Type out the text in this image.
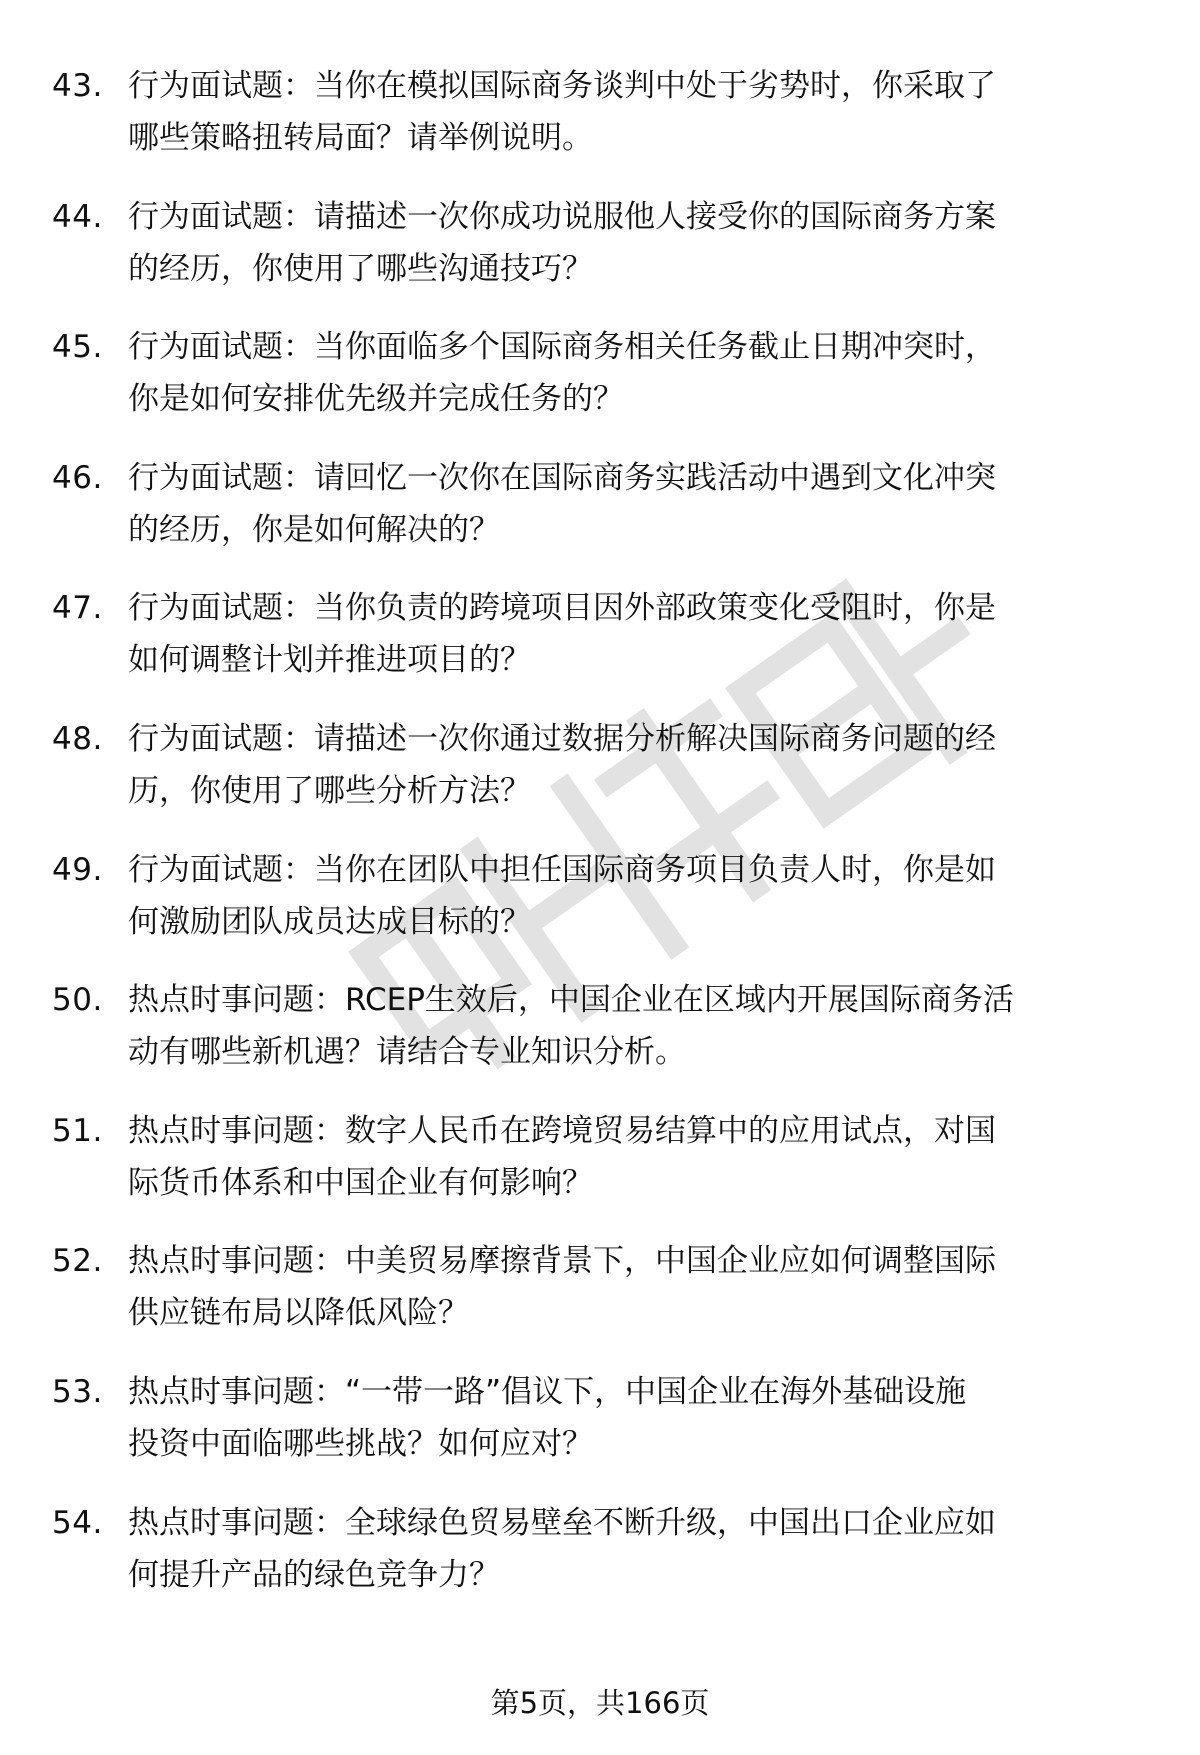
43. 行为面试题：当你在模拟国际商务谈判中处于劣势时，你采取了
哪些策略扭转局面？请举例说明。

44. 行为面试题：请描述一次你成功说服他人接受你的国际商务方案
的经历，你使用了哪些沟通技巧？

45. 行为面试题：当你面临多个国际商务相关任务截止日期冲突时，
你是如何安排优先级并完成任务的？

46. 行为面试题：请回忆一次你在国际商务实践活动中遇到文化冲突
的经历，你是如何解决的？

47. 行为面试题：当你负责的跨境项目因外部政策变化受阻时，你是
如何调整计划并推进项目的？

48. 行为面试题：请描述一次你通过数据分析解决国际商务问题的经
历，你使用了哪些分析方法？

49. 行为面试题：当你在团队中担任国际商务项目负责人时，你是如
何激励团队成员达成目标的？

50. 热点时事问题：RCEP生效后，中国企业在区域内开展国际商务活
动有哪些新机遇？请结合专业知识分析。

51. 热点时事问题：数字人民币在跨境贸易结算中的应用试点，对国
际货币体系和中国企业有何影响？

52. 热点时事问题：中美贸易摩擦背景下，中国企业应如何调整国际
供应链布局以降低风险？

53. 热点时事问题：“一带一路”倡议下，中国企业在海外基础设施
投资中面临哪些挑战？如何应对？

54. 热点时事问题：全球绿色贸易壁垒不断升级，中国出口企业应如
何提升产品的绿色竞争力？

第5页，共166页
